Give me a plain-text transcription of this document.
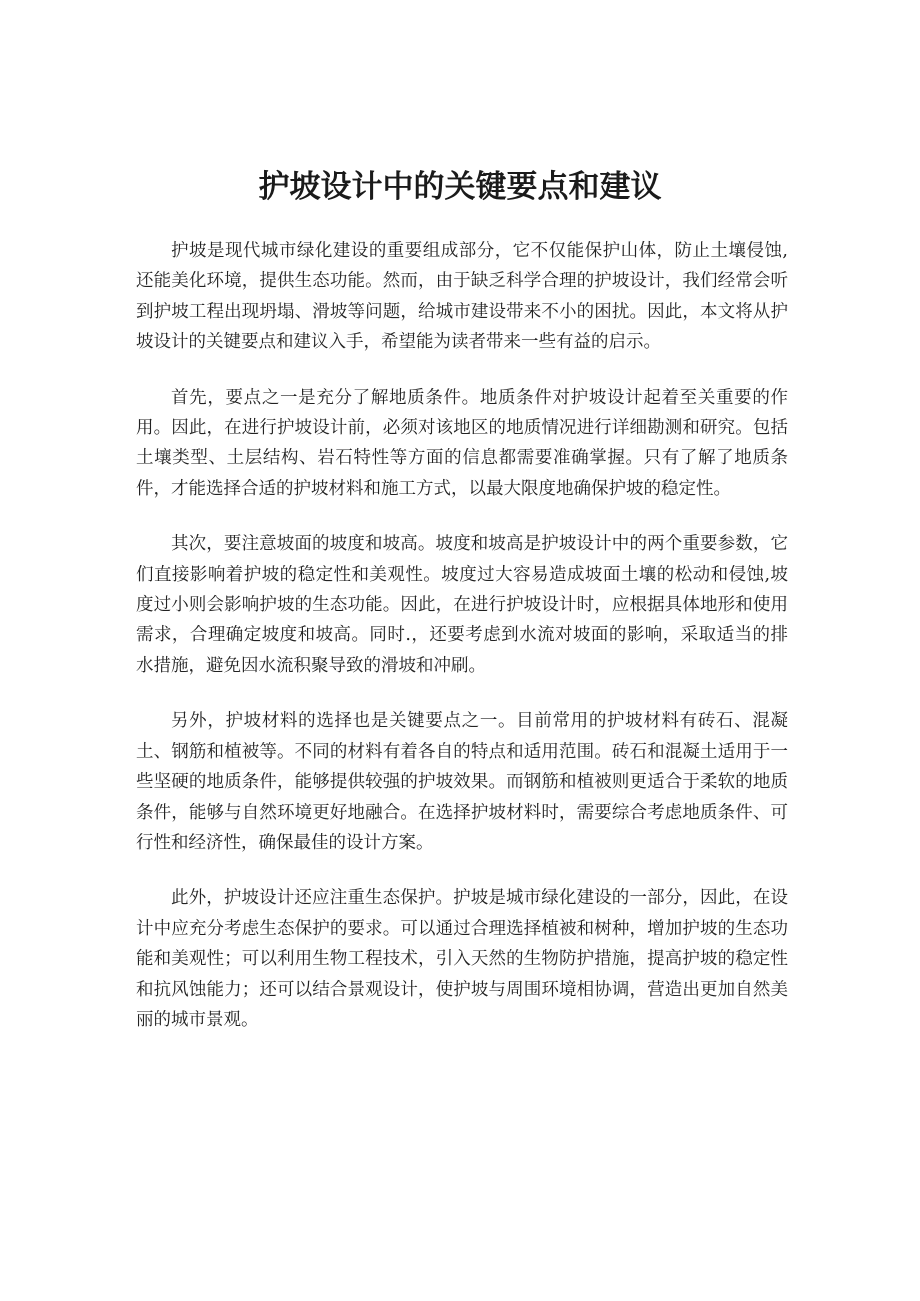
护坡设计中的关键要点和建议

护坡是现代城市绿化建设的重要组成部分，它不仅能保护山体，防止土壤侵蚀,还能美化环境，提供生态功能。然而，由于缺乏科学合理的护坡设计，我们经常会听到护坡工程出现坍塌、滑坡等问题，给城市建设带来不小的困扰。因此，本文将从护坡设计的关键要点和建议入手，希望能为读者带来一些有益的启示。

首先，要点之一是充分了解地质条件。地质条件对护坡设计起着至关重要的作用。因此，在进行护坡设计前，必须对该地区的地质情况进行详细勘测和研究。包括土壤类型、土层结构、岩石特性等方面的信息都需要准确掌握。只有了解了地质条件，才能选择合适的护坡材料和施工方式，以最大限度地确保护坡的稳定性。

其次，要注意坡面的坡度和坡高。坡度和坡高是护坡设计中的两个重要参数，它们直接影响着护坡的稳定性和美观性。坡度过大容易造成坡面土壤的松动和侵蚀,坡度过小则会影响护坡的生态功能。因此，在进行护坡设计时，应根据具体地形和使用需求，合理确定坡度和坡高。同时.，还要考虑到水流对坡面的影响，采取适当的排水措施，避免因水流积聚导致的滑坡和冲刷。

另外，护坡材料的选择也是关键要点之一。目前常用的护坡材料有砖石、混凝土、钢筋和植被等。不同的材料有着各自的特点和适用范围。砖石和混凝土适用于一些坚硬的地质条件，能够提供较强的护坡效果。而钢筋和植被则更适合于柔软的地质条件，能够与自然环境更好地融合。在选择护坡材料时，需要综合考虑地质条件、可行性和经济性，确保最佳的设计方案。

此外，护坡设计还应注重生态保护。护坡是城市绿化建设的一部分，因此，在设计中应充分考虑生态保护的要求。可以通过合理选择植被和树种，增加护坡的生态功能和美观性；可以利用生物工程技术，引入天然的生物防护措施，提高护坡的稳定性和抗风蚀能力；还可以结合景观设计，使护坡与周围环境相协调，营造出更加自然美丽的城市景观。
